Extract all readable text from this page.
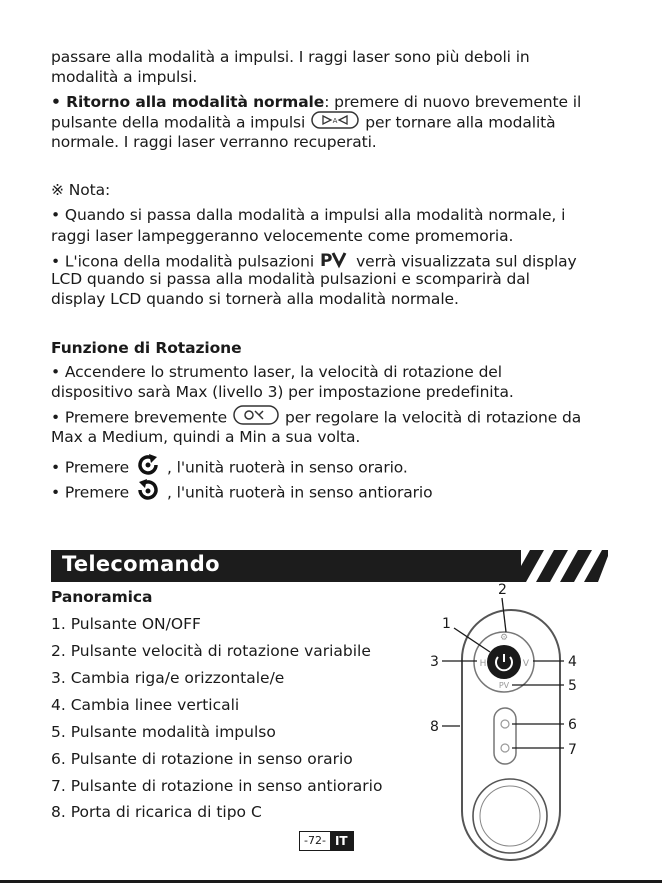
passare alla modalità a impulsi. I raggi laser sono più deboli in
modalità a impulsi.
• Ritorno alla modalità normale: premere di nuovo brevemente il
pulsante della modalità a impulsi	A per tornare alla modalità
normale. I raggi laser verranno recuperati.
※ Nota:
• Quando si passa dalla modalità a impulsi alla modalità normale, i
raggi laser lampeggeranno velocemente come promemoria.
• L'icona della modalità pulsazioni P verrà visualizzata sul display
LCD quando si passa alla modalità pulsazioni e scomparirà dal
display LCD quando si tornerà alla modalità normale.
Funzione di Rotazione
• Accendere lo strumento laser, la velocità di rotazione del
dispositivo sarà Max (livello 3) per impostazione predefinita.
• Premere brevemente	per regolare la velocità di rotazione da
Max a Medium, quindi a Min a sua volta.
• Premere , l'unità ruoterà in senso orario.
• Premere , l'unità ruoterà in senso antiorario
Telecomando
Panoramica
1. Pulsante ON/OFF
2. Pulsante velocità di rotazione variabile
3. Cambia riga/e orizzontale/e
4. Cambia linee verticali
5. Pulsante modalità impulso
6. Pulsante di rotazione in senso orario
7. Pulsante di rotazione in senso antiorario
8. Porta di ricarica di tipo C
⚙
H	V
PV
1
2
3	4
5
6
7
8
-72- IT
